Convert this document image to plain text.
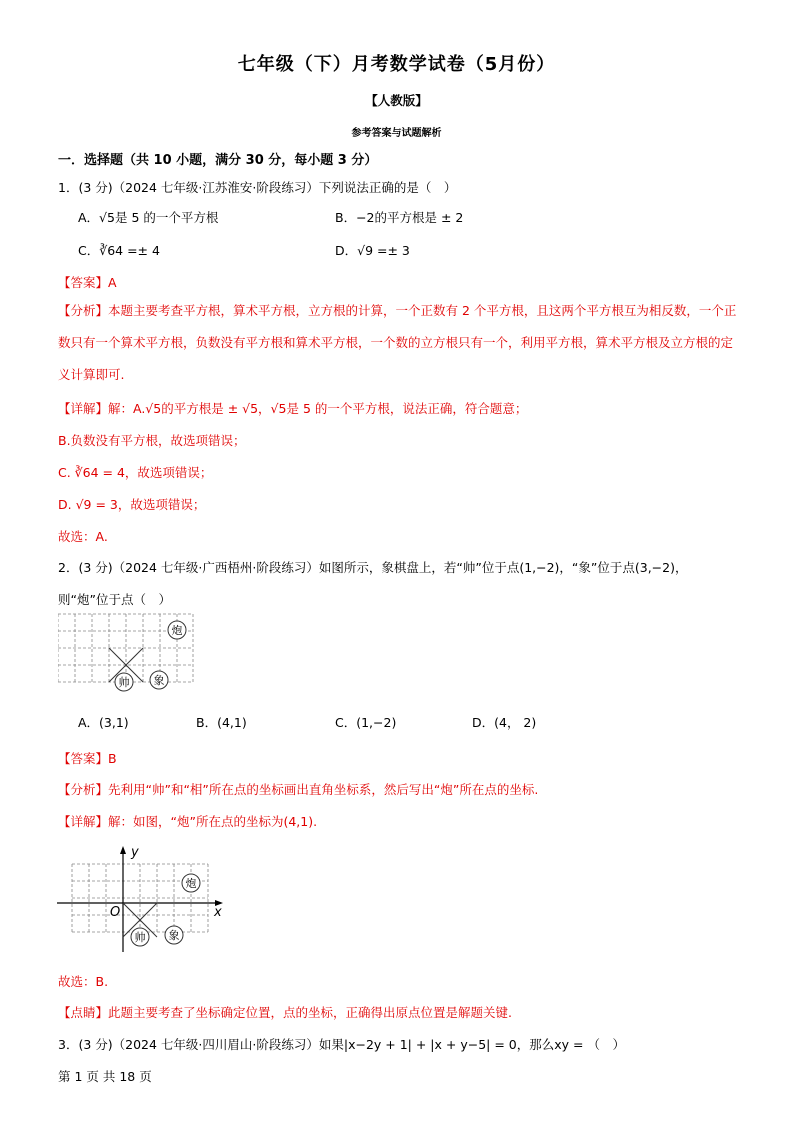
七年级（下）月考数学试卷（5月份）
【人教版】
参考答案与试题解析
一．选择题（共 10 小题，满分 30 分，每小题 3 分）
1．(3 分)（2024 七年级·江苏淮安·阶段练习）下列说法正确的是（　）
A．√5是 5 的一个平方根	B．−2的平方根是 ± 2
C．∛64 =± 4	D．√9 =± 3
【答案】A
【分析】本题主要考查平方根，算术平方根，立方根的计算，一个正数有 2 个平方根，且这两个平方根互为相反数，一个正数只有一个算术平方根，负数没有平方根和算术平方根，一个数的立方根只有一个，利用平方根，算术平方根及立方根的定义计算即可.
【详解】解：A.√5的平方根是 ± √5，√5是 5 的一个平方根，说法正确，符合题意；
B.负数没有平方根，故选项错误；
C. ∛64 = 4，故选项错误；
D. √9 = 3，故选项错误；
故选：A.
2．(3 分)（2024 七年级·广西梧州·阶段练习）如图所示，象棋盘上，若“帅”位于点(1,−2)，“象”位于点(3,−2)，
则“炮”位于点（　）
炮
帅 象
A．(3,1)	B．(4,1)	C．(1,−2)	D．(4， 2)
【答案】B
【分析】先利用“帅”和“相”所在点的坐标画出直角坐标系，然后写出“炮”所在点的坐标.
【详解】解：如图，“炮”所在点的坐标为(4,1).
y
x
O
炮
帅 象
故选：B.
【点睛】此题主要考查了坐标确定位置，点的坐标，正确得出原点位置是解题关键.
3．(3 分)（2024 七年级·四川眉山·阶段练习）如果|x−2y + 1| + |x + y−5| = 0，那么xy = （　）
第 1 页 共 18 页
